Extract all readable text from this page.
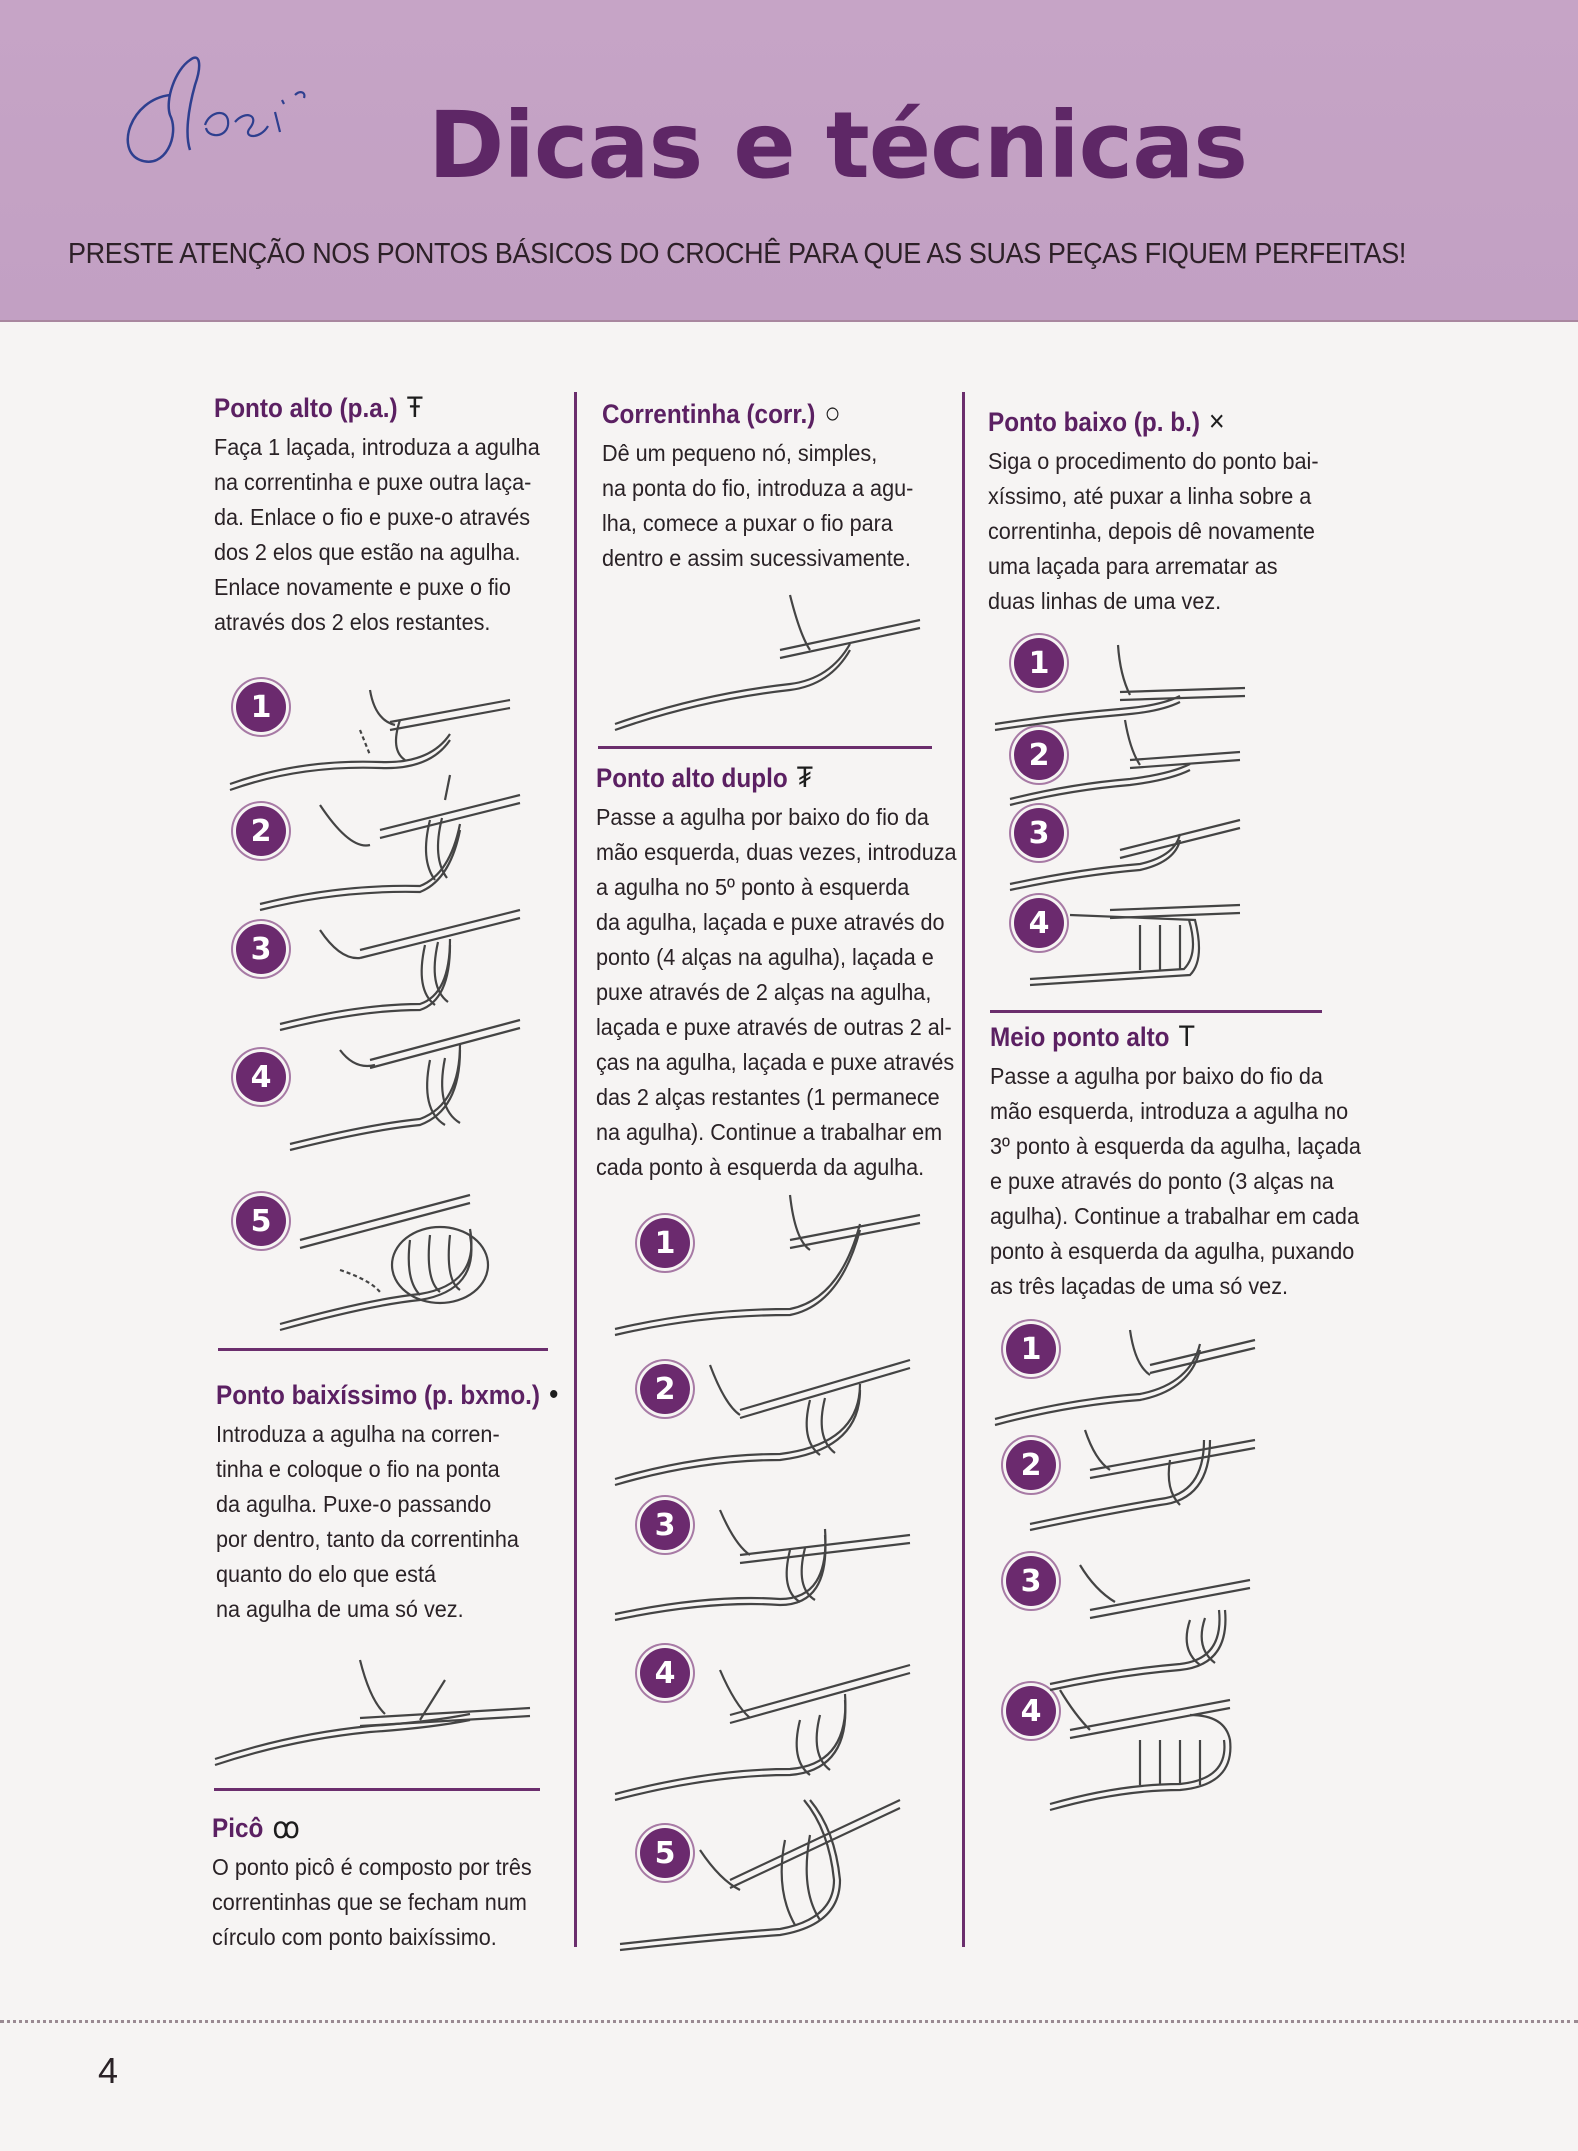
Dicas e técnicas
PRESTE ATENÇÃO NOS PONTOS BÁSICOS DO CROCHÊ PARA QUE AS SUAS PEÇAS FIQUEM PERFEITAS!
Ponto alto (p.a.) Ŧ
Faça 1 laçada, introduza a agulha
na correntinha e puxe outra laça-
da. Enlace o fio e puxe-o através
dos 2 elos que estão na agulha.
Enlace novamente e puxe o fio
através dos 2 elos restantes.
1
2
3
4
5
Ponto baixíssimo (p. bxmo.) •
Introduza a agulha na corren-
tinha e coloque o fio na ponta
da agulha. Puxe-o passando
por dentro, tanto da correntinha
quanto do elo que está
na agulha de uma só vez.
Picô ꝏ
O ponto picô é composto por três
correntinhas que se fecham num
círculo com ponto baixíssimo.
Correntinha (corr.) ○
Dê um pequeno nó, simples,
na ponta do fio, introduza a agu-
lha, comece a puxar o fio para
dentro e assim sucessivamente.
Ponto alto duplo ₮
Passe a agulha por baixo do fio da
mão esquerda, duas vezes, introduza
a agulha no 5º ponto à esquerda
da agulha, laçada e puxe através do
ponto (4 alças na agulha), laçada e
puxe através de 2 alças na agulha,
laçada e puxe através de outras 2 al-
ças na agulha, laçada e puxe através
das 2 alças restantes (1 permanece
na agulha). Continue a trabalhar em
cada ponto à esquerda da agulha.
1
2
3
4
5
Ponto baixo (p. b.) ×
Siga o procedimento do ponto bai-
xíssimo, até puxar a linha sobre a
correntinha, depois dê novamente
uma laçada para arrematar as
duas linhas de uma vez.
1
2
3
4
Meio ponto alto T
Passe a agulha por baixo do fio da
mão esquerda, introduza a agulha no
3º ponto à esquerda da agulha, laçada
e puxe através do ponto (3 alças na
agulha). Continue a trabalhar em cada
ponto à esquerda da agulha, puxando
as três laçadas de uma só vez.
1
2
3
4
4
